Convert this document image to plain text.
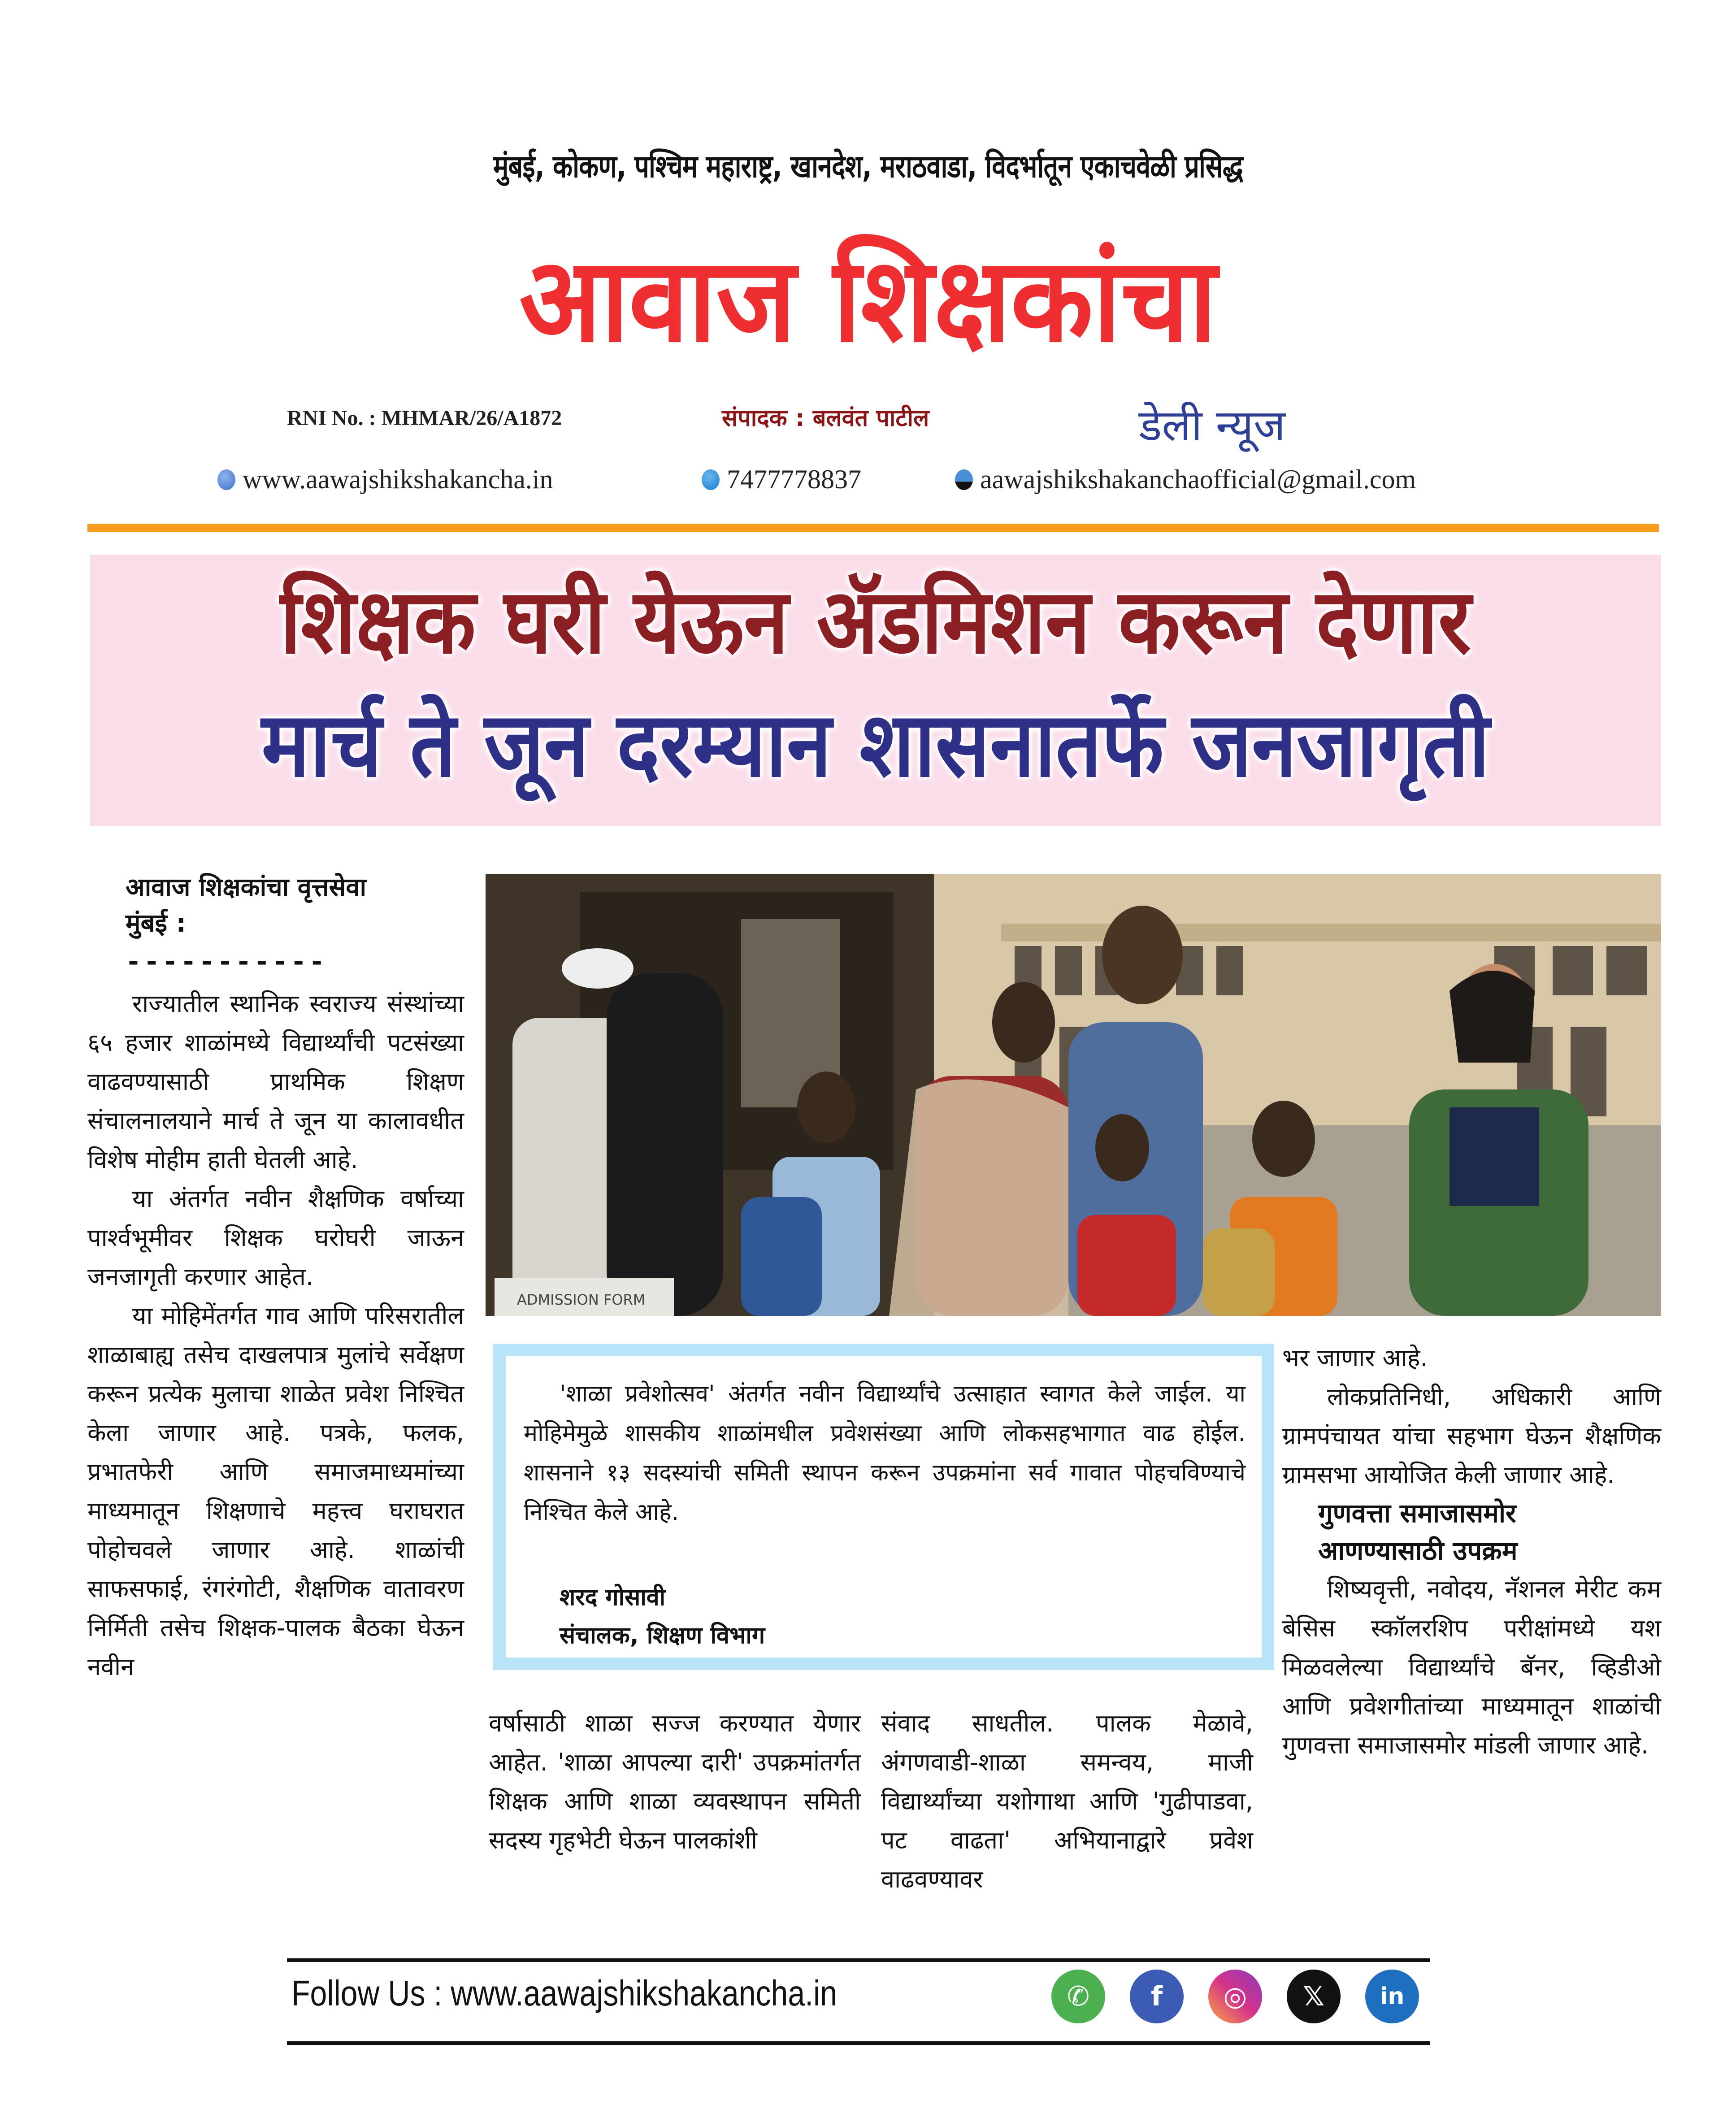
मुंबई, कोकण, पश्चिम महाराष्ट्र, खानदेश, मराठवाडा, विदर्भातून एकाचवेळी प्रसिद्ध
आवाज शिक्षकांचा
RNI No. : MHMAR/26/A1872	संपादक : बलवंत पाटील	डेली न्यूज
www.aawajshikshakancha.in	7477778837	aawajshikshakanchaofficial@gmail.com
शिक्षक घरी येऊन ॲडमिशन करून देणार
मार्च ते जून दरम्यान शासनातर्फे जनजागृती
आवाज शिक्षकांचा वृत्तसेवा
मुंबई :
-----------

राज्यातील स्थानिक स्वराज्य संस्थांच्या ६५ हजार शाळांमध्ये विद्यार्थ्यांची पटसंख्या वाढवण्यासाठी प्राथमिक शिक्षण संचालनालयाने मार्च ते जून या कालावधीत विशेष मोहीम हाती घेतली आहे.

या अंतर्गत नवीन शैक्षणिक वर्षाच्या पार्श्वभूमीवर शिक्षक घरोघरी जाऊन जनजागृती करणार आहेत.

या मोहिमेंतर्गत गाव आणि परिसरातील शाळाबाह्य तसेच दाखलपात्र मुलांचे सर्वेक्षण करून प्रत्येक मुलाचा शाळेत प्रवेश निश्चित केला जाणार आहे. पत्रके, फलक, प्रभातफेरी आणि समाजमाध्यमांच्या माध्यमातून शिक्षणाचे महत्त्व घराघरात पोहोचवले जाणार आहे. शाळांची साफसफाई, रंगरंगोटी, शैक्षणिक वातावरण निर्मिती तसेच शिक्षक-पालक बैठका घेऊन नवीन

ADMISSION FORM

'शाळा प्रवेशोत्सव' अंतर्गत नवीन विद्यार्थ्यांचे उत्साहात स्वागत केले जाईल. या मोहिमेमुळे शासकीय शाळांमधील प्रवेशसंख्या आणि लोकसहभागात वाढ होईल. शासनाने १३ सदस्यांची समिती स्थापन करून उपक्रमांना सर्व गावात पोहचविण्याचे निश्चित केले आहे.

शरद गोसावी
संचालक, शिक्षण विभाग

वर्षासाठी शाळा सज्ज करण्यात येणार आहेत. 'शाळा आपल्या दारी' उपक्रमांतर्गत शिक्षक आणि शाळा व्यवस्थापन समिती सदस्य गृहभेटी घेऊन पालकांशी

संवाद साधतील. पालक मेळावे, अंगणवाडी-शाळा समन्वय, माजी विद्यार्थ्यांच्या यशोगाथा आणि 'गुढीपाडवा, पट वाढता' अभियानाद्वारे प्रवेश वाढवण्यावर

भर जाणार आहे.

लोकप्रतिनिधी, अधिकारी आणि ग्रामपंचायत यांचा सहभाग घेऊन शैक्षणिक ग्रामसभा आयोजित केली जाणार आहे.

गुणवत्ता समाजासमोर
आणण्यासाठी उपक्रम

शिष्यवृत्ती, नवोदय, नॅशनल मेरीट कम बेसिस स्कॉलरशिप परीक्षांमध्ये यश मिळवलेल्या विद्यार्थ्यांचे बॅनर, व्हिडीओ आणि प्रवेशगीतांच्या माध्यमातून शाळांची गुणवत्ता समाजासमोर मांडली जाणार आहे.

Follow Us : www.aawajshikshakancha.in	✆	f	◎	𝕏	in
